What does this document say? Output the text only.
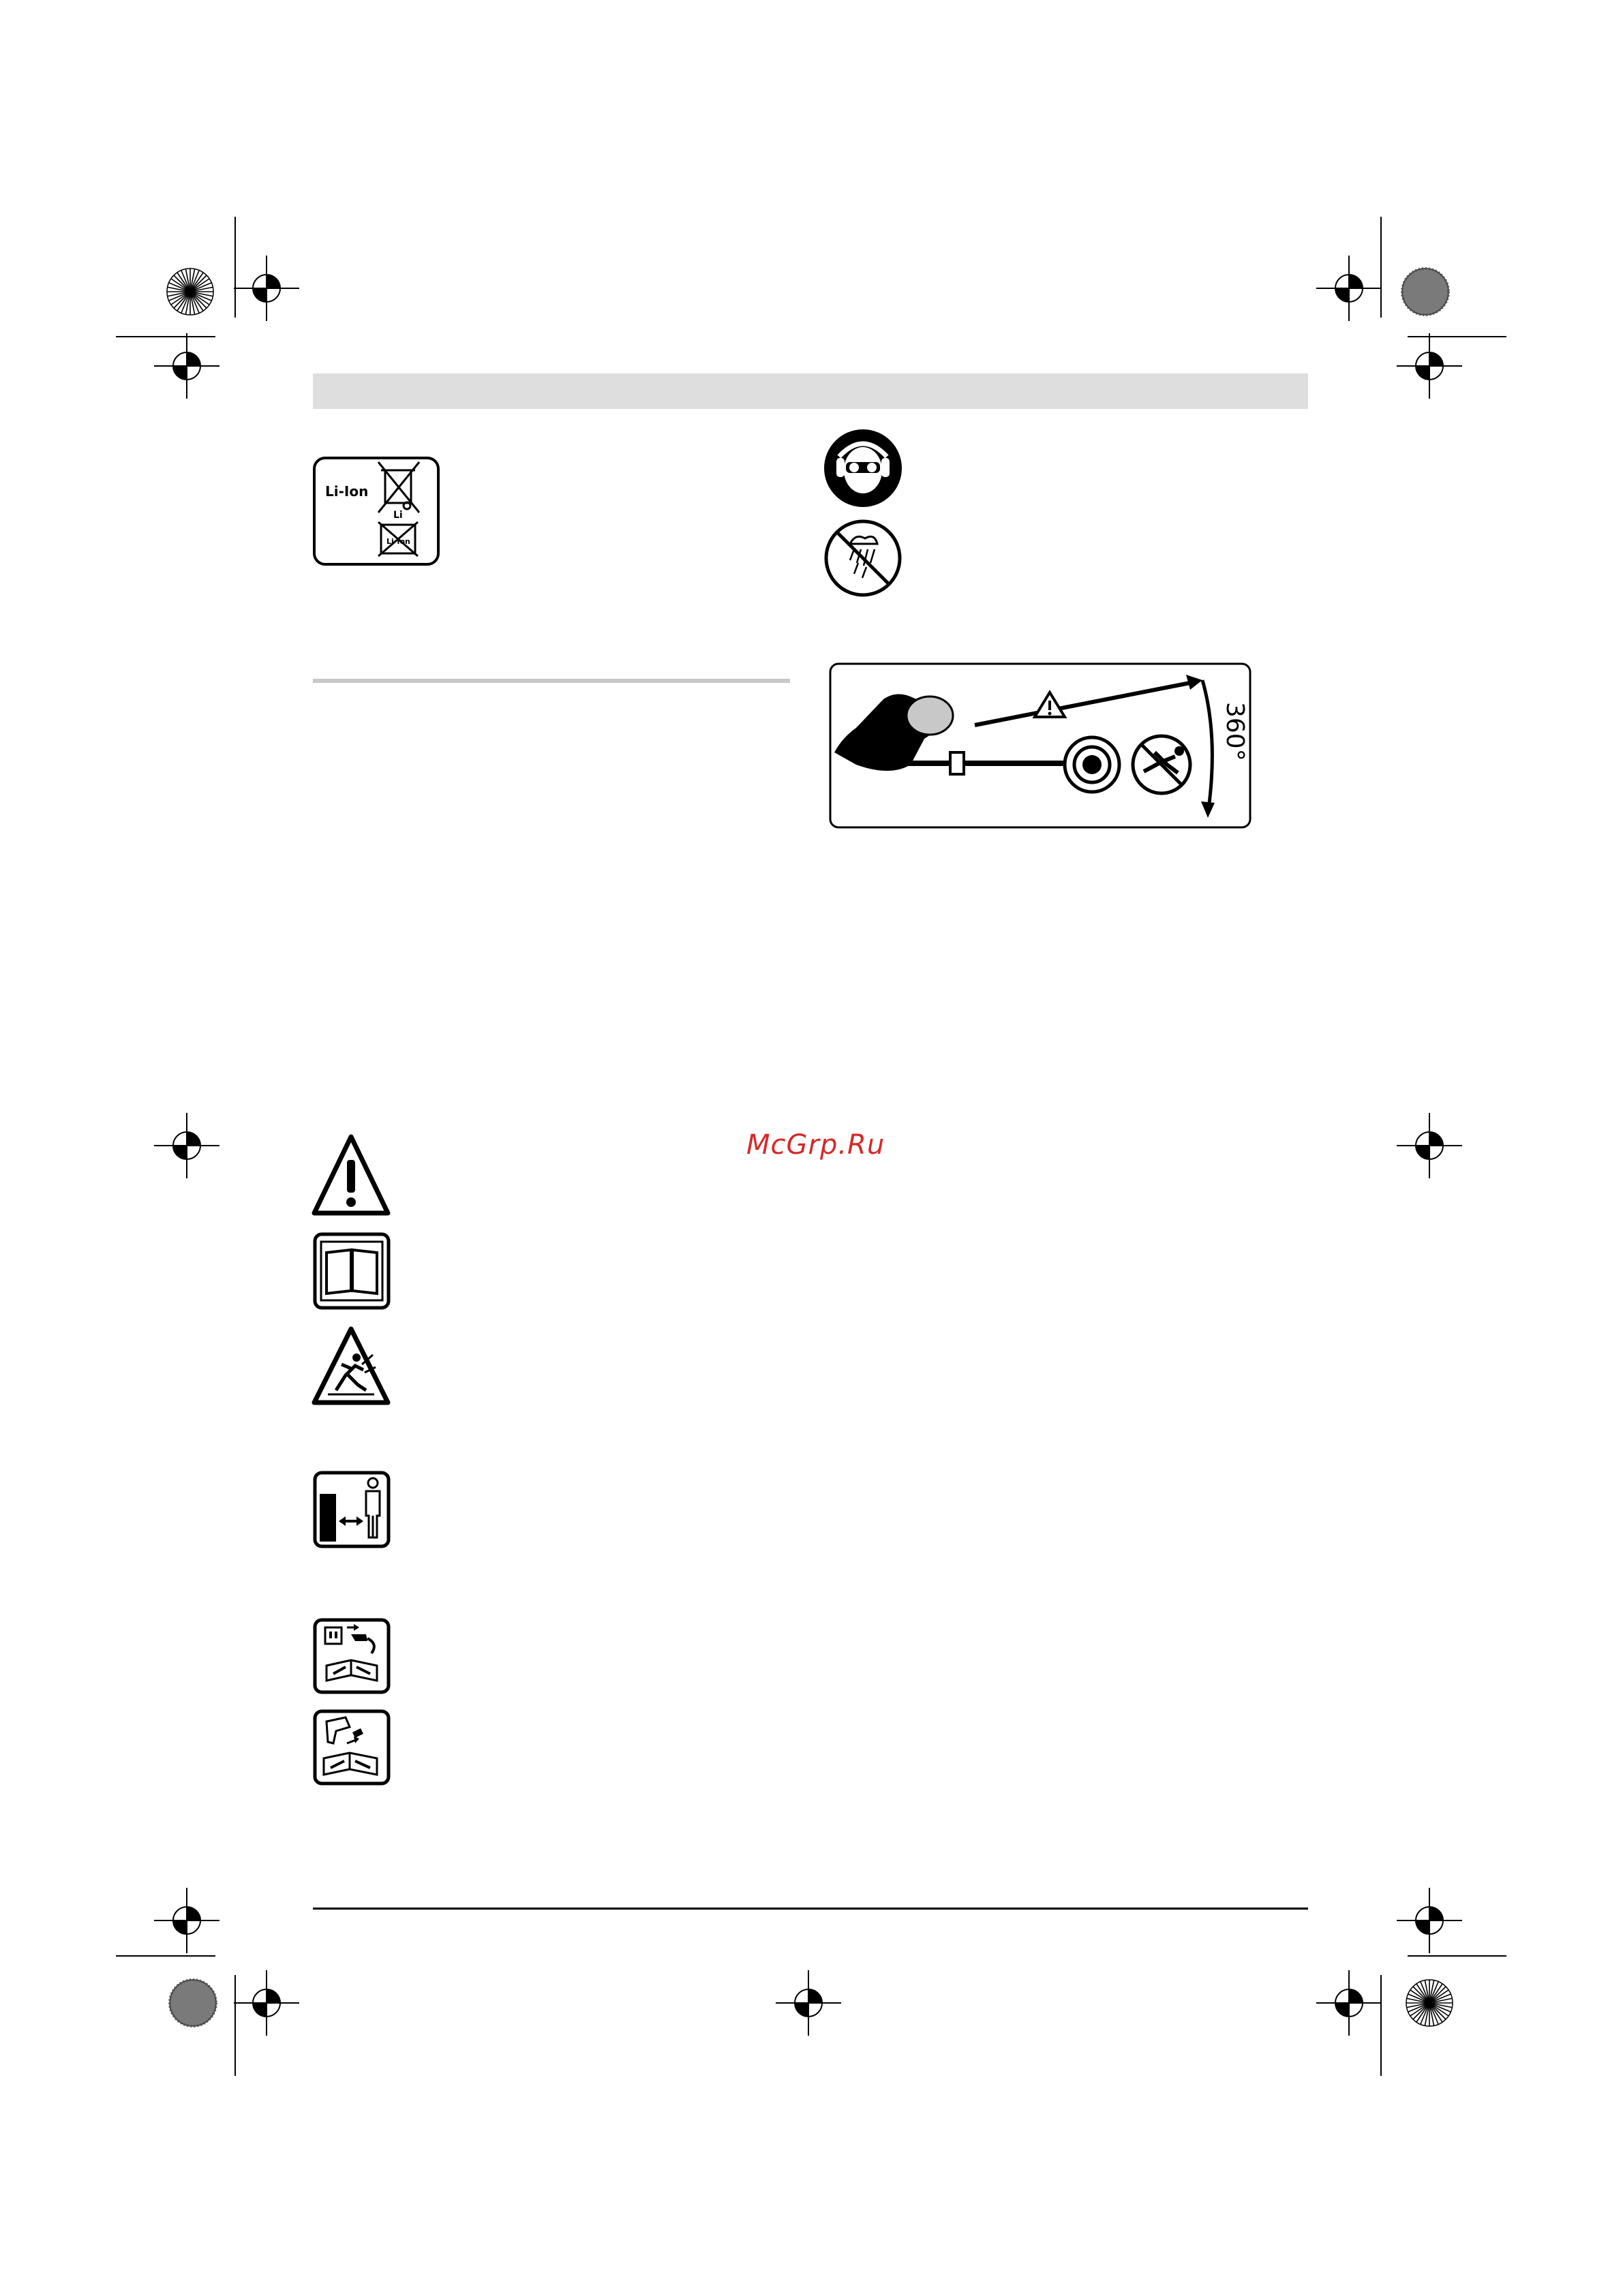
McGrp.Ru
Li-Ion
Li
Li-Ion
360°
